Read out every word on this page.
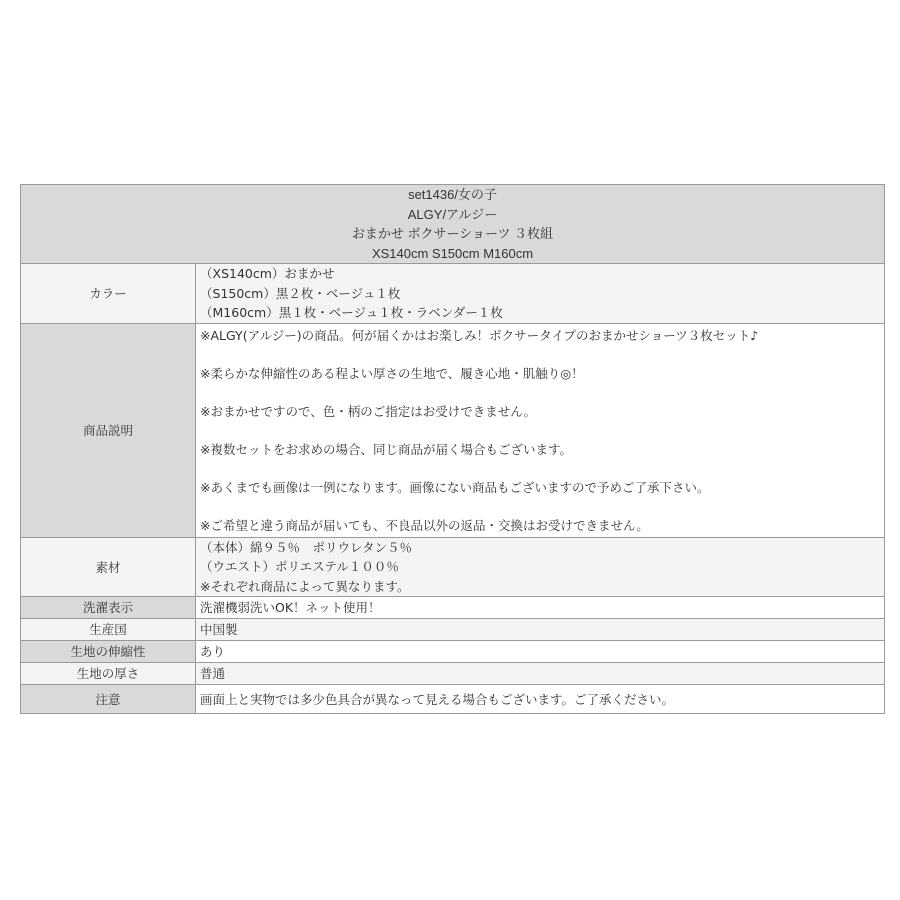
set1436/女の子
ALGY/アルジー
おまかせ ボクサーショーツ ３枚組
XS140cm S150cm M160cm	

カラー	（XS140cm）おまかせ
（S150cm）黒２枚・ベージュ１枚
（M160cm）黒１枚・ベージュ１枚・ラベンダー１枚

商品説明	
※ALGY(アルジー)の商品。何が届くかはお楽しみ！ボクサータイプのおまかせショーツ３枚セット♪
※柔らかな伸縮性のある程よい厚さの生地で、履き心地・肌触り◎！
※おまかせですので、色・柄のご指定はお受けできません。
※複数セットをお求めの場合、同じ商品が届く場合もございます。
※あくまでも画像は一例になります。画像にない商品もございますので予めご了承下さい。
※ご希望と違う商品が届いても、不良品以外の返品・交換はお受けできません。

素材	（本体）綿９５％　ポリウレタン５％
（ウエスト）ポリエステル１００％
※それぞれ商品によって異なります。

洗濯表示	洗濯機弱洗いOK！ネット使用！
生産国	中国製
生地の伸縮性	あり
生地の厚さ	普通
注意	画面上と実物では多少色具合が異なって見える場合もございます。ご了承ください。
